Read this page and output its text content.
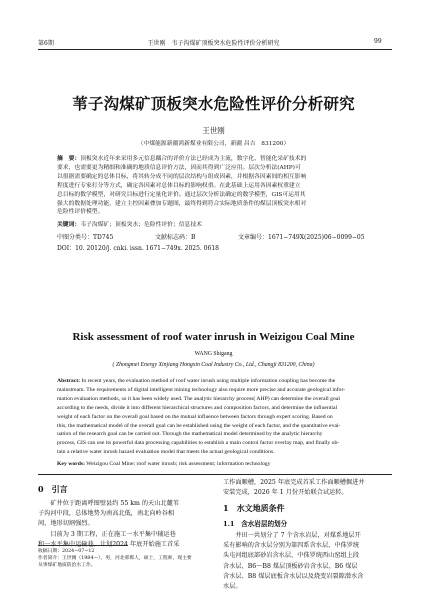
第6期	王世刚　韦子沟煤矿顶板突水危险性评价分析研究	99
苇子沟煤矿顶板突水危险性评价分析研究
王世刚
（中煤能源新疆鸿新煤业有限公司，新疆 昌吉　831200）
摘　要：顶板突水近年来采用多元信息耦合的评价方法已经成为主流，数字化、智能化采矿技术的
要求，也需要更为精细和准确的地质信息评价方法，因而其得到广泛应用。层次分析法(AHP)可
以很据需要确定的总体目标，将其转分成不同的层次结构与组成因素，并根据各因素间的相互影响
程度进行专家打分等方式，确定各因素对总体目标的影响权重。在此基础上运用各因素权重建立
总目标的数学模型，对研究目标进行定量化评价。通过层次分析法确定的数学模型，GIS可运用其
强大的数据处理功能，建立主控因素叠加专题图，最终得到符合实际地质条件的煤层顶板突水相对
危险性评价模型。
关键词：韦子沟煤矿；顶板突水；危险性评价；信息技术
中图分类号：TD745	文献标志码：B	文章编号：1671−749X(2025)06−0099−05
DOI：10. 20120/j. cnki. issn. 1671−749x. 2025. 0618
Risk assessment of roof water inrush in Weizigou Coal Mine
WANG Shigang
( Zhongmei Energy Xinjiang Hongxin Coal Industry Co., Ltd., Changji 831200, China)
Abstract: In recent years, the evaluation method of roof water inrush using multiple information coupling has become the
mainstream. The requirements of digital intelligent mining technology also require more precise and accurate geological infor-
mation evaluation methods, so it has been widely used. The analytic hierarchy process( AHP) can determine the overall goal
according to the needs, divide it into different hierarchical structures and composition factors, and determine the influential
weight of each factor on the overall goal based on the mutual influence between factors through expert scoring. Based on
this, the mathematical model of the overall goal can be established using the weight of each factor, and the quantitative eval-
uation of the research goal can be carried out. Through the mathematical model determined by the analytic hierarchy
process, GIS can use its powerful data processing capabilities to establish a main control factor overlay map, and finally ob-
tain a relative water inrush hazard evaluation model that meets the actual geological conditions.
Key words: Weizigou Coal Mine; roof water inrush; risk assessment; information technology
0　 引言
　　矿井位于距离呼图壁县约 55 km 的天山北麓苇
子沟河中段，总体地势为南高北低，南北向岭谷相
间，地形切割强烈。
　　目前为 3 期工程，正在施工一水平集中辅运巷
和一水平集中运输巷，计划2024 年底开始施工首采
收稿日期：2024−07−12
作者简介：王世刚（1984—），男，河北邢郸人，硕士，工程师，现主要
从事煤矿地质防治水工作。
工作面顺槽，2025 年底完成首采工作面顺槽掘进并
安装完成，2026 年 1 月份开始联合试运转。
1　 水文地质条件
1.1　 含水岩层的划分
　　井田一共划分了 7 个含水岩层，对煤系地层开
采有影响的含水层分别为第四系含水层、中侏罗统
头屯河组底部砂岩含水层、中侏罗统西山窑组上段
含水层、B6～B8 煤层顶板砂岩含水层、B6 煤层
含水层、B8 煤层底板含水层以及烧变岩裂隙潜水含
水层。
